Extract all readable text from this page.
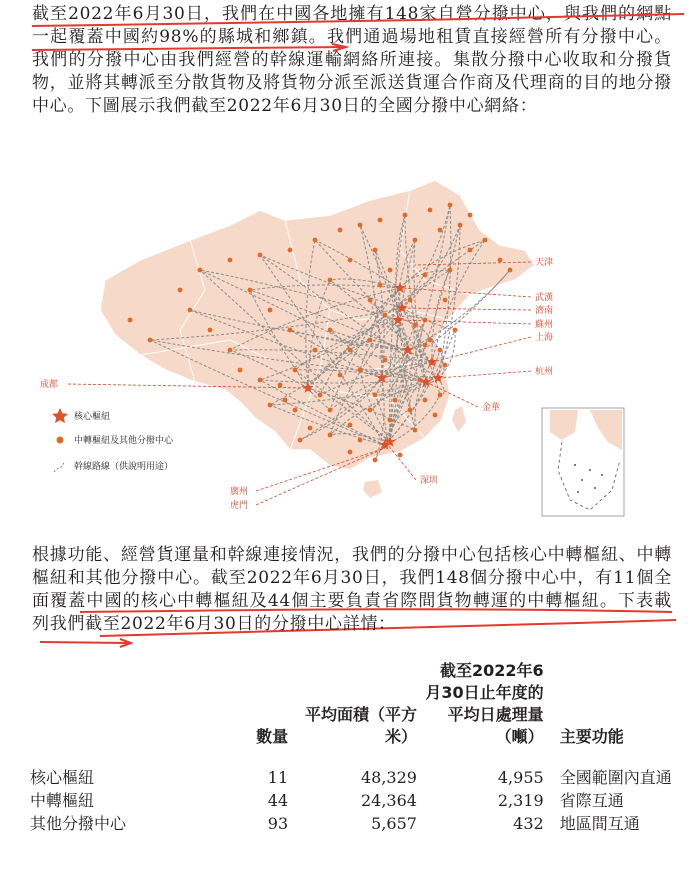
截至2022年6月30日，我們在中國各地擁有148家自營分撥中心，與我們的網點一起覆蓋中國約98%的縣城和鄉鎮。我們通過場地租賃直接經營所有分撥中心。我們的分撥中心由我們經營的幹線運輸網絡所連接。集散分撥中心收取和分撥貨物，並將其轉派至分散貨物及將貨物分派至派送貨運合作商及代理商的目的地分撥中心。下圖展示我們截至2022年6月30日的全國分撥中心網絡：

天津
武漢
濟南
蘇州
上海
杭州
金華
深圳
廣州
虎門
成都
核心樞紐
中轉樞紐及其他分撥中心
幹線路線（供說明用途）

根據功能、經營貨運量和幹線連接情況，我們的分撥中心包括核心中轉樞紐、中轉樞紐和其他分撥中心。截至2022年6月30日，我們148個分撥中心中，有11個全面覆蓋中國的核心中轉樞紐及44個主要負責省際間貨物轉運的中轉樞紐。下表載列我們截至2022年6月30日的分撥中心詳情：

	數量	平均面積（平方米）	截至2022年6月30日止年度的平均日處理量（噸）	主要功能

核心樞紐	11	48,329	4,955	全國範圍內直通
中轉樞紐	44	24,364	2,319	省際互通
其他分撥中心	93	5,657	432	地區間互通
